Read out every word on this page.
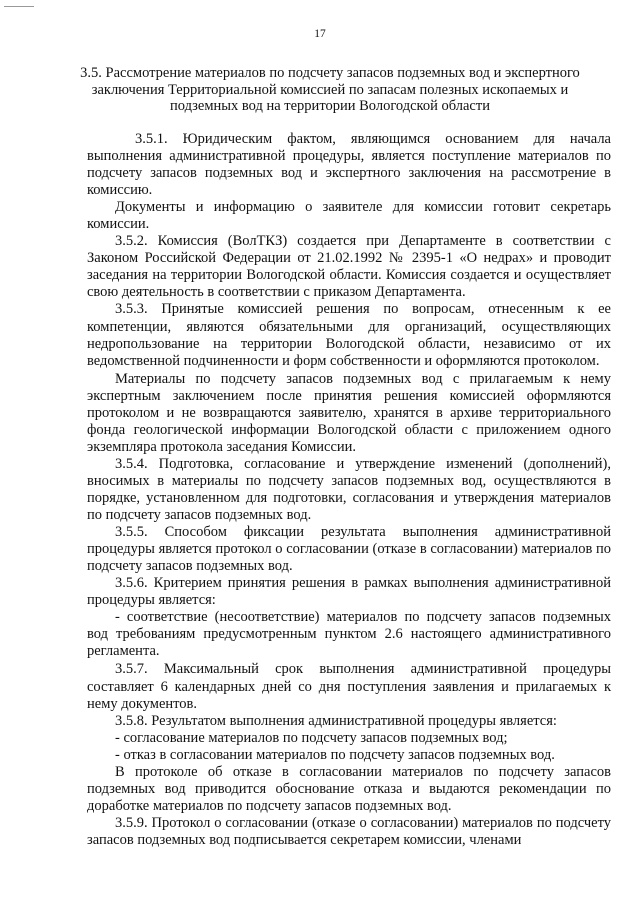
17
3.5. Рассмотрение материалов по подсчету запасов подземных вод и экспертного заключения Территориальной комиссией по запасам полезных ископаемых и подземных вод на территории Вологодской области

3.5.1. Юридическим фактом, являющимся основанием для начала выполнения административной процедуры, является поступление материалов по подсчету запасов подземных вод и экспертного заключения на рассмотрение в комиссию.

Документы и информацию о заявителе для комиссии готовит секретарь комиссии.

3.5.2. Комиссия (ВолТКЗ) создается при Департаменте в соответствии с Законом Российской Федерации от 21.02.1992 № 2395-1 «О недрах» и проводит заседания на территории Вологодской области. Комиссия создается и осуществляет свою деятельность в соответствии с приказом Департамента.

3.5.3. Принятые комиссией решения по вопросам, отнесенным к ее компетенции, являются обязательными для организаций, осуществляющих недропользование на территории Вологодской области, независимо от их ведомственной подчиненности и форм собственности и оформляются протоколом.

Материалы по подсчету запасов подземных вод с прилагаемым к нему экспертным заключением после принятия решения комиссией оформляются протоколом и не возвращаются заявителю, хранятся в архиве территориального фонда геологической информации Вологодской области с приложением одного экземпляра протокола заседания Комиссии.

3.5.4. Подготовка, согласование и утверждение изменений (дополнений), вносимых в материалы по подсчету запасов подземных вод, осуществляются в порядке, установленном для подготовки, согласования и утверждения материалов по подсчету запасов подземных вод.

3.5.5. Способом фиксации результата выполнения административной процедуры является протокол о согласовании (отказе в согласовании) материалов по подсчету запасов подземных вод.

3.5.6. Критерием принятия решения в рамках выполнения административной процедуры является:

- соответствие (несоответствие) материалов по подсчету запасов подземных вод требованиям предусмотренным пунктом 2.6 настоящего административного регламента.

3.5.7. Максимальный срок выполнения административной процедуры составляет 6 календарных дней со дня поступления заявления и прилагаемых к нему документов.

3.5.8. Результатом выполнения административной процедуры является:

- согласование материалов по подсчету запасов подземных вод;

- отказ в согласовании материалов по подсчету запасов подземных вод.

В протоколе об отказе в согласовании материалов по подсчету запасов подземных вод приводится обоснование отказа и выдаются рекомендации по доработке материалов по подсчету запасов подземных вод.

3.5.9. Протокол о согласовании (отказе о согласовании) материалов по подсчету запасов подземных вод подписывается секретарем комиссии, членами
